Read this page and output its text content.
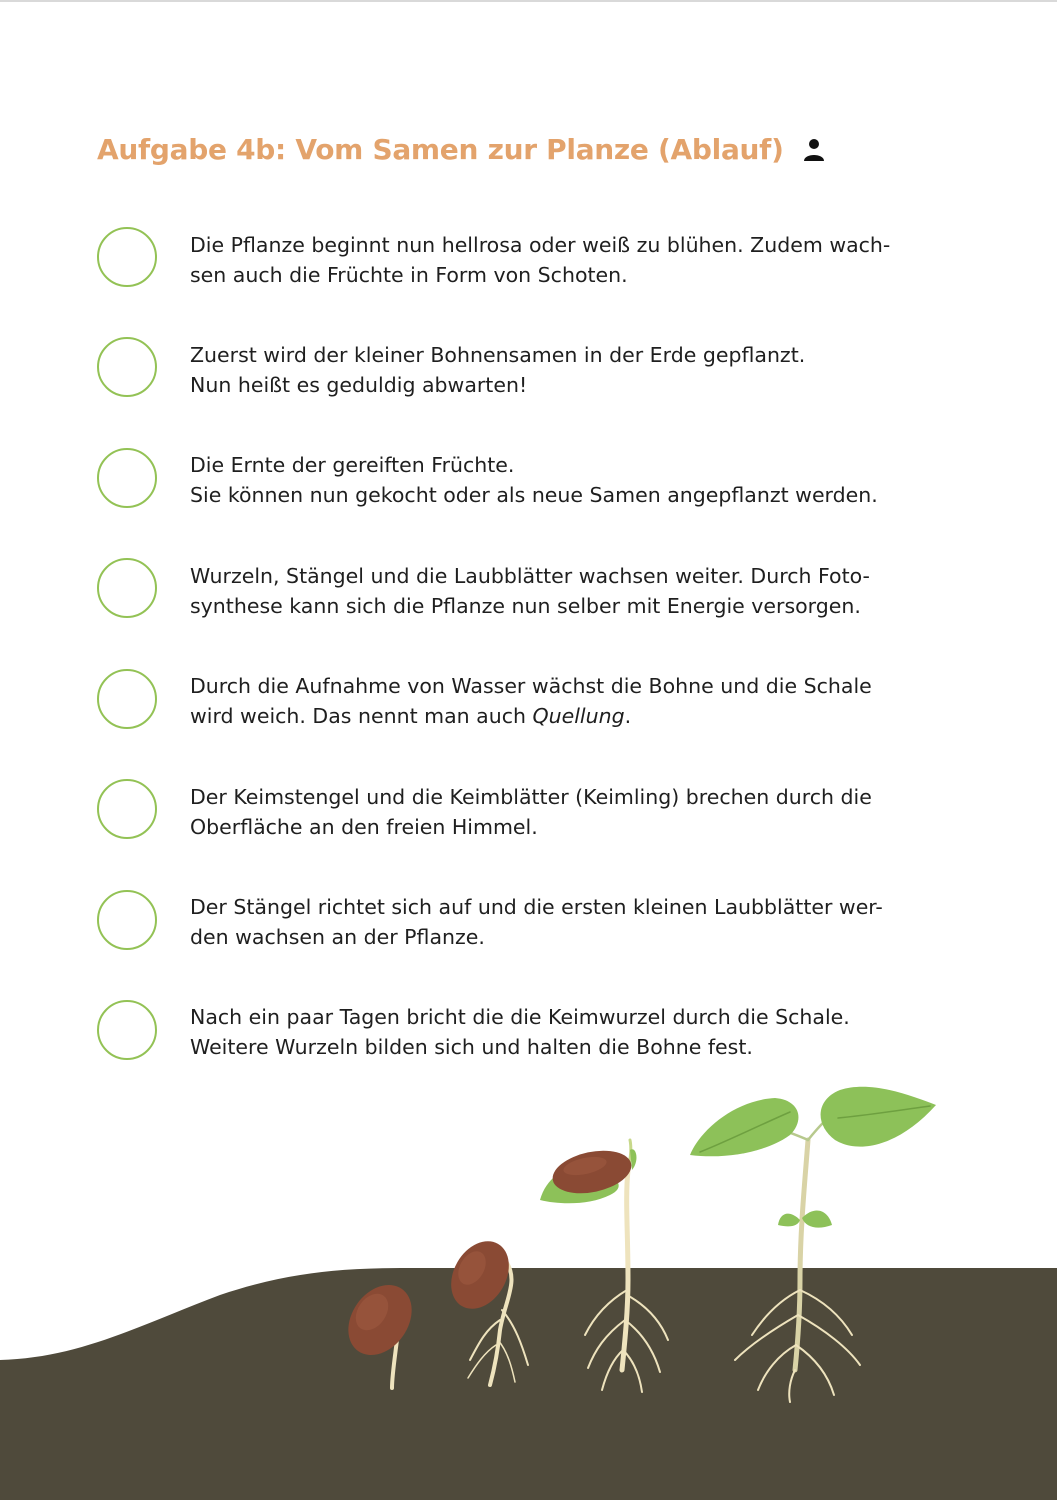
Aufgabe 4b: Vom Samen zur Planze (Ablauf)
Die Pflanze beginnt nun hellrosa oder weiß zu blühen. Zudem wach-
sen auch die Früchte in Form von Schoten.
Zuerst wird der kleiner Bohnensamen in der Erde gepflanzt.
Nun heißt es geduldig abwarten!
Die Ernte der gereiften Früchte.
Sie können nun gekocht oder als neue Samen angepflanzt werden.
Wurzeln, Stängel und die Laubblätter wachsen weiter. Durch Foto-
synthese kann sich die Pflanze nun selber mit Energie versorgen.
Durch die Aufnahme von Wasser wächst die Bohne und die Schale
wird weich. Das nennt man auch Quellung.
Der Keimstengel und die Keimblätter (Keimling) brechen durch die
Oberfläche an den freien Himmel.
Der Stängel richtet sich auf und die ersten kleinen Laubblätter wer-
den wachsen an der Pflanze.
Nach ein paar Tagen bricht die die Keimwurzel durch die Schale.
Weitere Wurzeln bilden sich und halten die Bohne fest.
